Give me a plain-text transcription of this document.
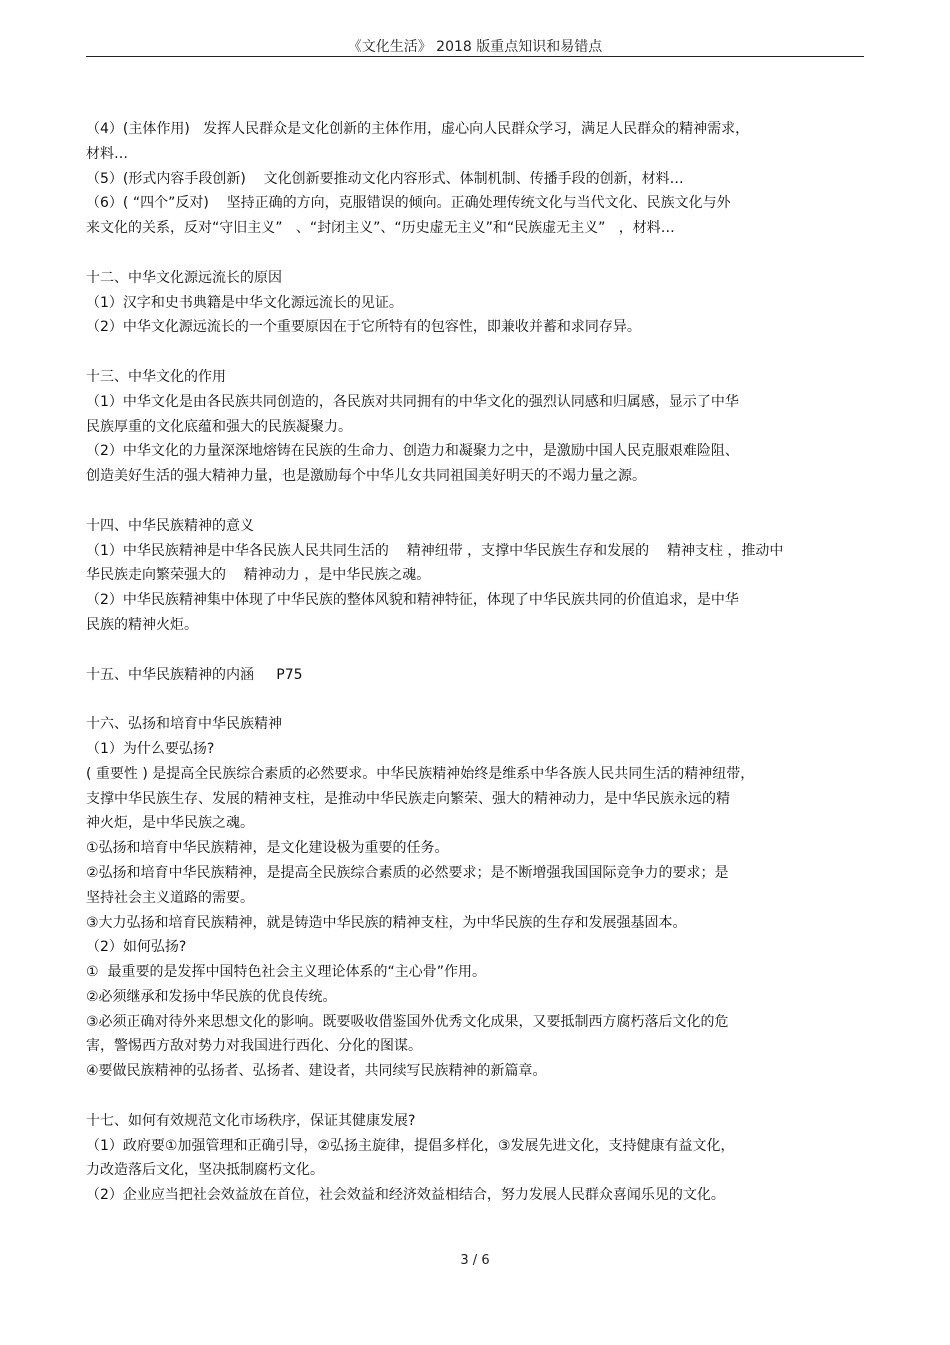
《文化生活》 2018 版重点知识和易错点
（4）(主体作用)   发挥人民群众是文化创新的主体作用，虚心向人民群众学习，满足人民群众的精神需求，
材料…
（5）(形式内容手段创新)    文化创新要推动文化内容形式、体制机制、传播手段的创新，材料…
（6）( “四个”反对)    坚持正确的方向，克服错误的倾向。正确处理传统文化与当代文化、民族文化与外
来文化的关系，反对“守旧主义”   、“封闭主义”、“历史虚无主义”和“民族虚无主义”   ，材料…
十二、中华文化源远流长的原因
（1）汉字和史书典籍是中华文化源远流长的见证。
（2）中华文化源远流长的一个重要原因在于它所特有的包容性，即兼收并蓄和求同存异。
十三、中华文化的作用
（1）中华文化是由各民族共同创造的，各民族对共同拥有的中华文化的强烈认同感和归属感，显示了中华
民族厚重的文化底蕴和强大的民族凝聚力。
（2）中华文化的力量深深地熔铸在民族的生命力、创造力和凝聚力之中，是激励中国人民克服艰难险阻、
创造美好生活的强大精神力量，也是激励每个中华儿女共同祖国美好明天的不竭力量之源。
十四、中华民族精神的意义
（1）中华民族精神是中华各民族人民共同生活的    精神纽带 ，支撑中华民族生存和发展的    精神支柱 ，推动中
华民族走向繁荣强大的    精神动力 ，是中华民族之魂。
（2）中华民族精神集中体现了中华民族的整体风貌和精神特征，体现了中华民族共同的价值追求，是中华
民族的精神火炬。
十五、中华民族精神的内涵     P75
十六、弘扬和培育中华民族精神
（1）为什么要弘扬?
( 重要性 ) 是提高全民族综合素质的必然要求。中华民族精神始终是维系中华各族人民共同生活的精神纽带，
支撑中华民族生存、发展的精神支柱，是推动中华民族走向繁荣、强大的精神动力，是中华民族永远的精
神火炬，是中华民族之魂。
①弘扬和培育中华民族精神，是文化建设极为重要的任务。
②弘扬和培育中华民族精神，是提高全民族综合素质的必然要求；是不断增强我国国际竞争力的要求；是
坚持社会主义道路的需要。
③大力弘扬和培育民族精神，就是铸造中华民族的精神支柱，为中华民族的生存和发展强基固本。
（2）如何弘扬?
①  最重要的是发挥中国特色社会主义理论体系的“主心骨”作用。
②必须继承和发扬中华民族的优良传统。
③必须正确对待外来思想文化的影响。既要吸收借鉴国外优秀文化成果，又要抵制西方腐朽落后文化的危
害，警惕西方敌对势力对我国进行西化、分化的图谋。
④要做民族精神的弘扬者、弘扬者、建设者，共同续写民族精神的新篇章。
十七、如何有效规范文化市场秩序，保证其健康发展?
（1）政府要①加强管理和正确引导，②弘扬主旋律，提倡多样化，③发展先进文化，支持健康有益文化，
力改造落后文化，坚决抵制腐朽文化。
（2）企业应当把社会效益放在首位，社会效益和经济效益相结合，努力发展人民群众喜闻乐见的文化。
3 / 6
